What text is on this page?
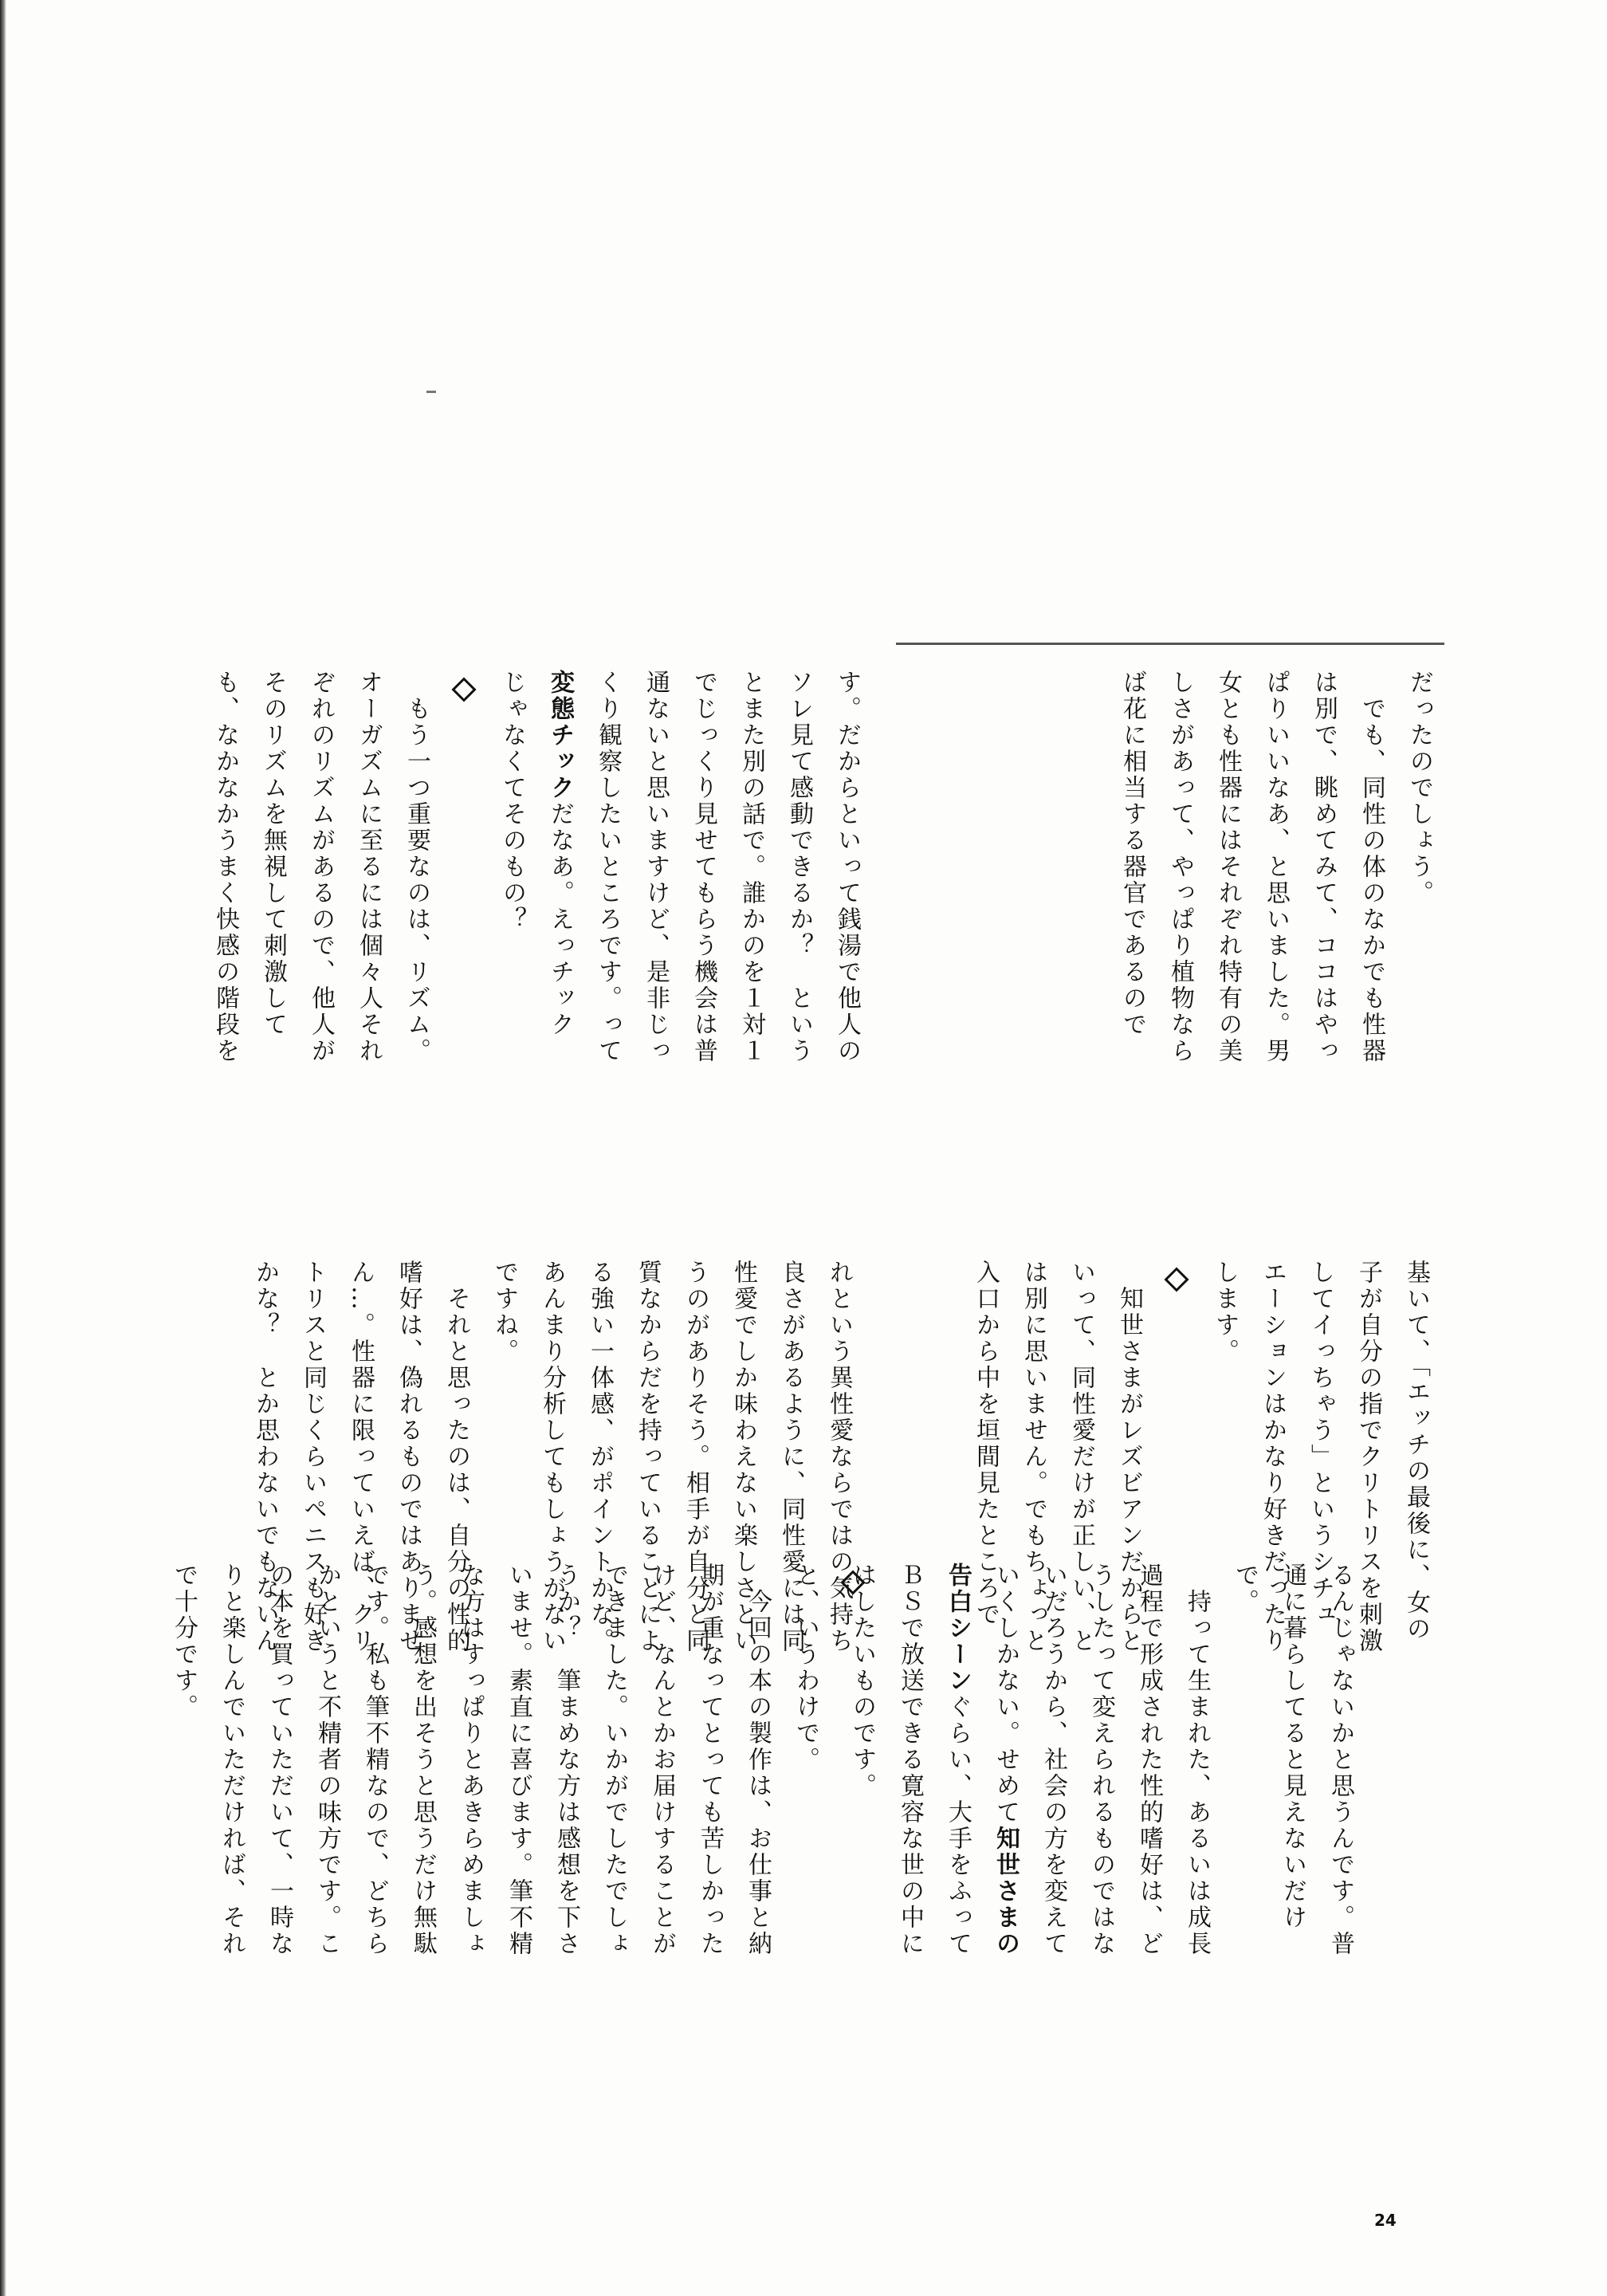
だったのでしょう。

　でも、同性の体のなかでも性器

は別で、眺めてみて、ココはやっ

ぱりいいなあ、と思いました。男

女とも性器にはそれぞれ特有の美

しさがあって、やっぱり植物なら

ば花に相当する器官であるので

す。だからといって銭湯で他人の

ソレ見て感動できるか？　という

とまた別の話で。誰かのを１対１

でじっくり見せてもらう機会は普

通ないと思いますけど、是非じっ

くり観察したいところです。って

変態チックだなあ。えっチック

じゃなくてそのもの？

　もう一つ重要なのは、リズム。

オーガズムに至るには個々人それ

ぞれのリズムがあるので、他人が

そのリズムを無視して刺激して

も、なかなかうまく快感の階段を

基いて、「エッチの最後に、女の

子が自分の指でクリトリスを刺激

してイっちゃう」というシチュ

エーションはかなり好きだったり

します。

　知世さまがレズビアンだからと

いって、同性愛だけが正しい、と

は別に思いません。でもちょっと

入口から中を垣間見たところで

れという異性愛ならではの気持ち

良さがあるように、同性愛には同

性愛でしか味わえない楽しさとい

うのがありそう。相手が自分と同

質なからだを持っていることによ

る強い一体感、がポイントかな。

あんまり分析してもしょうがない

ですね。

　それと思ったのは、自分の性的

嗜好は、偽れるものではありませ

ん…。性器に限っていえば、クリ

トリスと同じくらいペニスも好き

かな？　とか思わないでもないん

るんじゃないかと思うんです。普

通に暮らしてると見えないだけ

で。

　持って生まれた、あるいは成長

過程で形成された性的嗜好は、ど

うしたって変えられるものではな

いだろうから、社会の方を変えて

いくしかない。せめて知世さまの

告白シーンぐらい、大手をふって

ＢＳで放送できる寛容な世の中に

はしたいものです。

と、いうわけで。

　今回の本の製作は、お仕事と納

期が重なってとっても苦しかった

けど、なんとかお届けすることが

できました。いかがでしたでしょ

うか？　筆まめな方は感想を下さ

いませ。素直に喜びます。筆不精

な方はすっぱりとあきらめましょ

う。感想を出そうと思うだけ無駄

です。私も筆不精なので、どちら

かというと不精者の味方です。こ

の本を買っていただいて、一時な

りと楽しんでいただければ、それ

で十分です。

24
